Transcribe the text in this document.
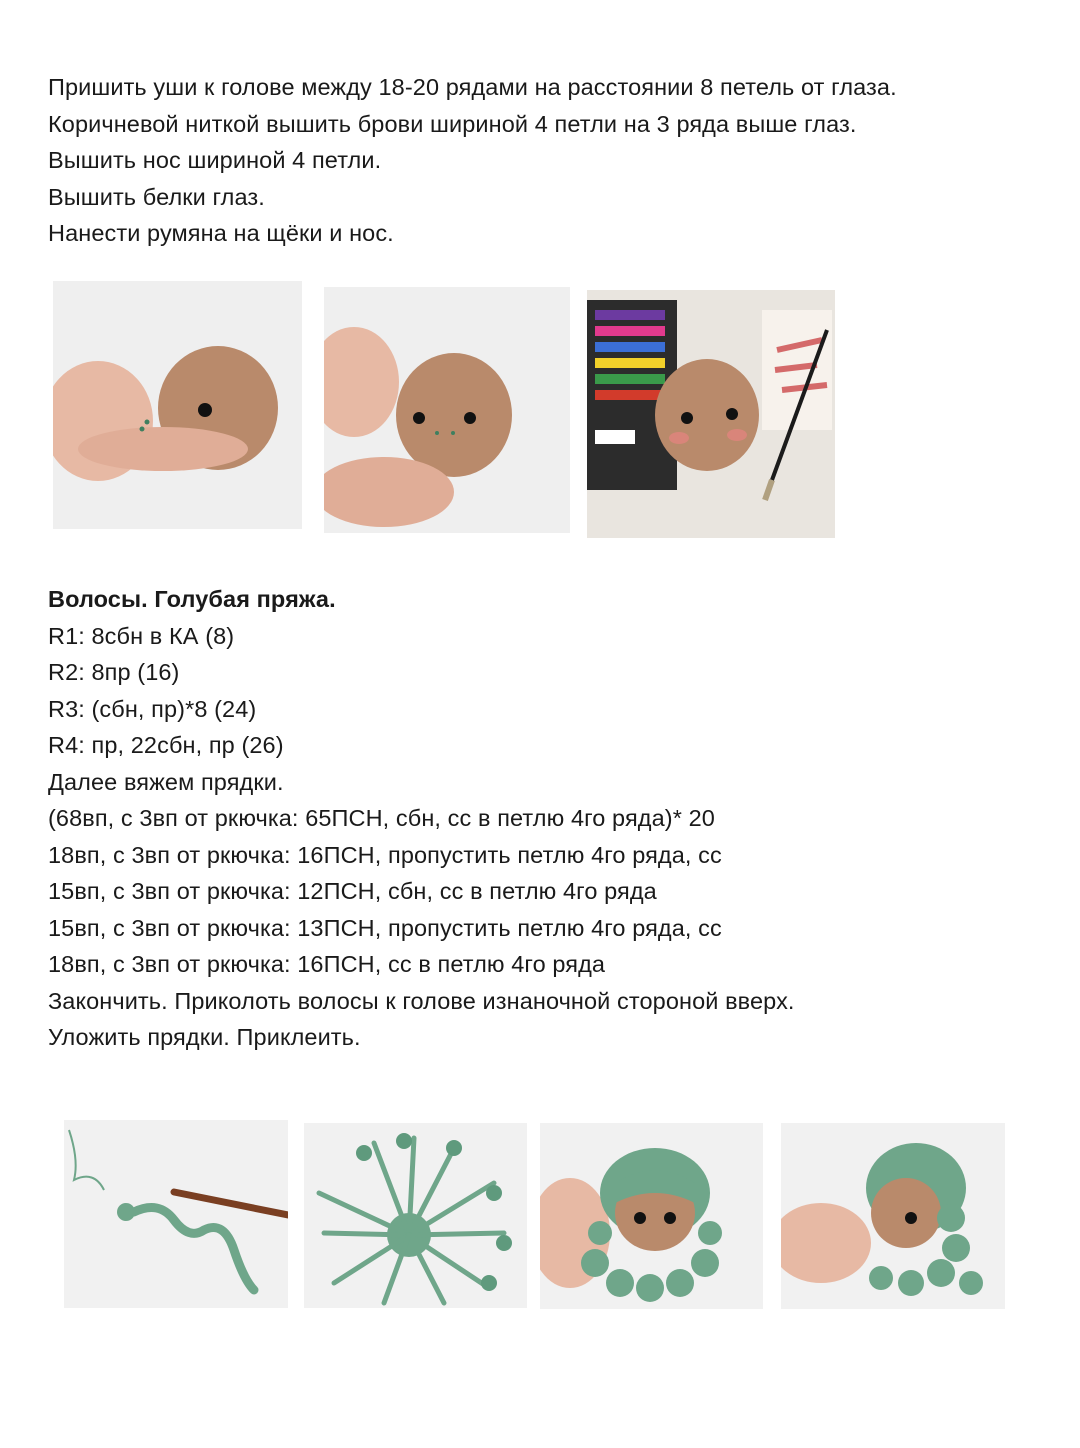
Пришить уши к голове между 18-20 рядами на расстоянии 8 петель от глаза.
Коричневой ниткой вышить брови шириной 4 петли на 3 ряда выше глаз.
Вышить нос шириной 4 петли.
Вышить белки глаз.
Нанести румяна на щёки и нос.
Волосы. Голубая пряжа.
R1: 8сбн в КА (8)
R2: 8пр (16)
R3: (сбн, пр)*8 (24)
R4: пр, 22сбн, пр (26)
Далее вяжем прядки.
(68вп, с 3вп от ркючка: 65ПСН, сбн, сс в петлю 4го ряда)* 20
18вп, с 3вп от ркючка: 16ПСН, пропустить петлю 4го ряда, сс
15вп, с 3вп от ркючка: 12ПСН, сбн, сс в петлю 4го ряда
15вп, с 3вп от ркючка: 13ПСН, пропустить петлю 4го ряда, сс
18вп, с 3вп от ркючка: 16ПСН, сс в петлю 4го ряда
Закончить. Приколоть волосы к голове изнаночной стороной вверх.
Уложить прядки. Приклеить.
